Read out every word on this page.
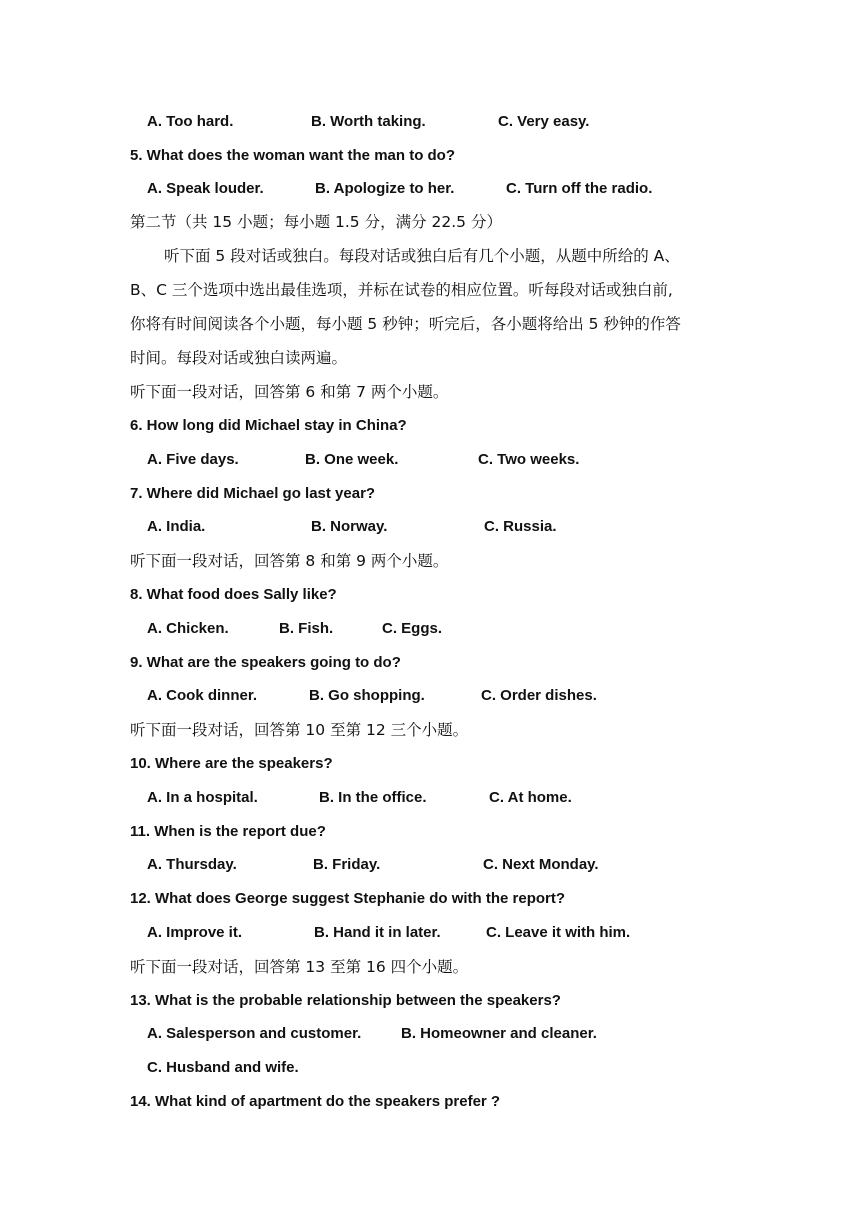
A. Too hard.	B. Worth taking.	C. Very easy.
5. What does the woman want the man to do?
A. Speak louder.	B. Apologize to her.	C. Turn off the radio.
第二节（共 15 小题；每小题 1.5 分，满分 22.5 分）
听下面 5 段对话或独白。每段对话或独白后有几个小题，从题中所给的 A、
B、C 三个选项中选出最佳选项，并标在试卷的相应位置。听每段对话或独白前,
你将有时间阅读各个小题，每小题 5 秒钟；听完后，各小题将给出 5 秒钟的作答
时间。每段对话或独白读两遍。
听下面一段对话，回答第 6 和第 7 两个小题。
6. How long did Michael stay in China?
A. Five days.	B. One week.	C. Two weeks.
7. Where did Michael go last year?
A. India.	B. Norway.	C. Russia.
听下面一段对话，回答第 8 和第 9 两个小题。
8. What food does Sally like?
A. Chicken.	B. Fish.	C. Eggs.
9. What are the speakers going to do?
A. Cook dinner.	B. Go shopping.	C. Order dishes.
听下面一段对话，回答第 10 至第 12 三个小题。
10. Where are the speakers?
A. In a hospital.	B. In the office.	C. At home.
11. When is the report due?
A. Thursday.	B. Friday.	C. Next Monday.
12. What does George suggest Stephanie do with the report?
A. Improve it.	B. Hand it in later.	C. Leave it with him.
听下面一段对话，回答第 13 至第 16 四个小题。
13. What is the probable relationship between the speakers?
A. Salesperson and customer.	B. Homeowner and cleaner.
C. Husband and wife.
14. What kind of apartment do the speakers prefer ?
